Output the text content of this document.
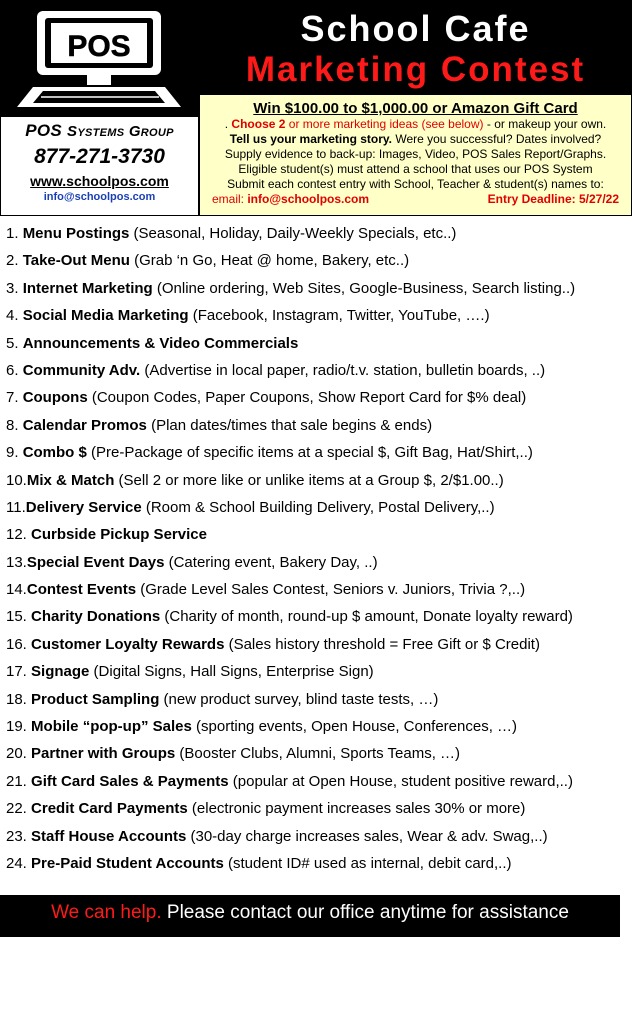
POS
POS Systems Group
877-271-3730
www.schoolpos.com
info@schoolpos.com
School Cafe
Marketing Contest
Win $100.00 to $1,000.00 or Amazon Gift Card
. Choose 2 or more marketing ideas (see below) - or makeup your own.
Tell us your marketing story. Were you successful? Dates involved?
Supply evidence to back-up: Images, Video, POS Sales Report/Graphs.
Eligible student(s) must attend a school that uses our POS System
Submit each contest entry with School, Teacher & student(s) names to:
email: info@schoolpos.com	Entry Deadline: 5/27/22
1. Menu Postings (Seasonal, Holiday, Daily-Weekly Specials, etc..)
2. Take-Out Menu (Grab ‘n Go, Heat @ home, Bakery, etc..)
3. Internet Marketing (Online ordering, Web Sites, Google-Business, Search listing..)
4. Social Media Marketing (Facebook, Instagram, Twitter, YouTube, ….)
5. Announcements & Video Commercials
6. Community Adv. (Advertise in local paper, radio/t.v. station, bulletin boards, ..)
7. Coupons (Coupon Codes, Paper Coupons, Show Report Card for $% deal)
8. Calendar Promos (Plan dates/times that sale begins & ends)
9. Combo $ (Pre-Package of specific items at a special $, Gift Bag, Hat/Shirt,..)
10.Mix & Match (Sell 2 or more like or unlike items at a Group $, 2/$1.00..)
11.Delivery Service (Room & School Building Delivery, Postal Delivery,..)
12. Curbside Pickup Service
13.Special Event Days (Catering event, Bakery Day, ..)
14.Contest Events (Grade Level Sales Contest, Seniors v. Juniors, Trivia ?,..)
15. Charity Donations (Charity of month, round-up $ amount, Donate loyalty reward)
16. Customer Loyalty Rewards (Sales history threshold = Free Gift or $ Credit)
17. Signage (Digital Signs, Hall Signs, Enterprise Sign)
18. Product Sampling (new product survey, blind taste tests, …)
19. Mobile “pop-up” Sales (sporting events, Open House, Conferences, …)
20. Partner with Groups (Booster Clubs, Alumni, Sports Teams, …)
21. Gift Card Sales & Payments (popular at Open House, student positive reward,..)
22. Credit Card Payments (electronic payment increases sales 30% or more)
23. Staff House Accounts (30-day charge increases sales, Wear & adv. Swag,..)
24. Pre-Paid Student Accounts (student ID# used as internal, debit card,..)
We can help. Please contact our office anytime for assistance
